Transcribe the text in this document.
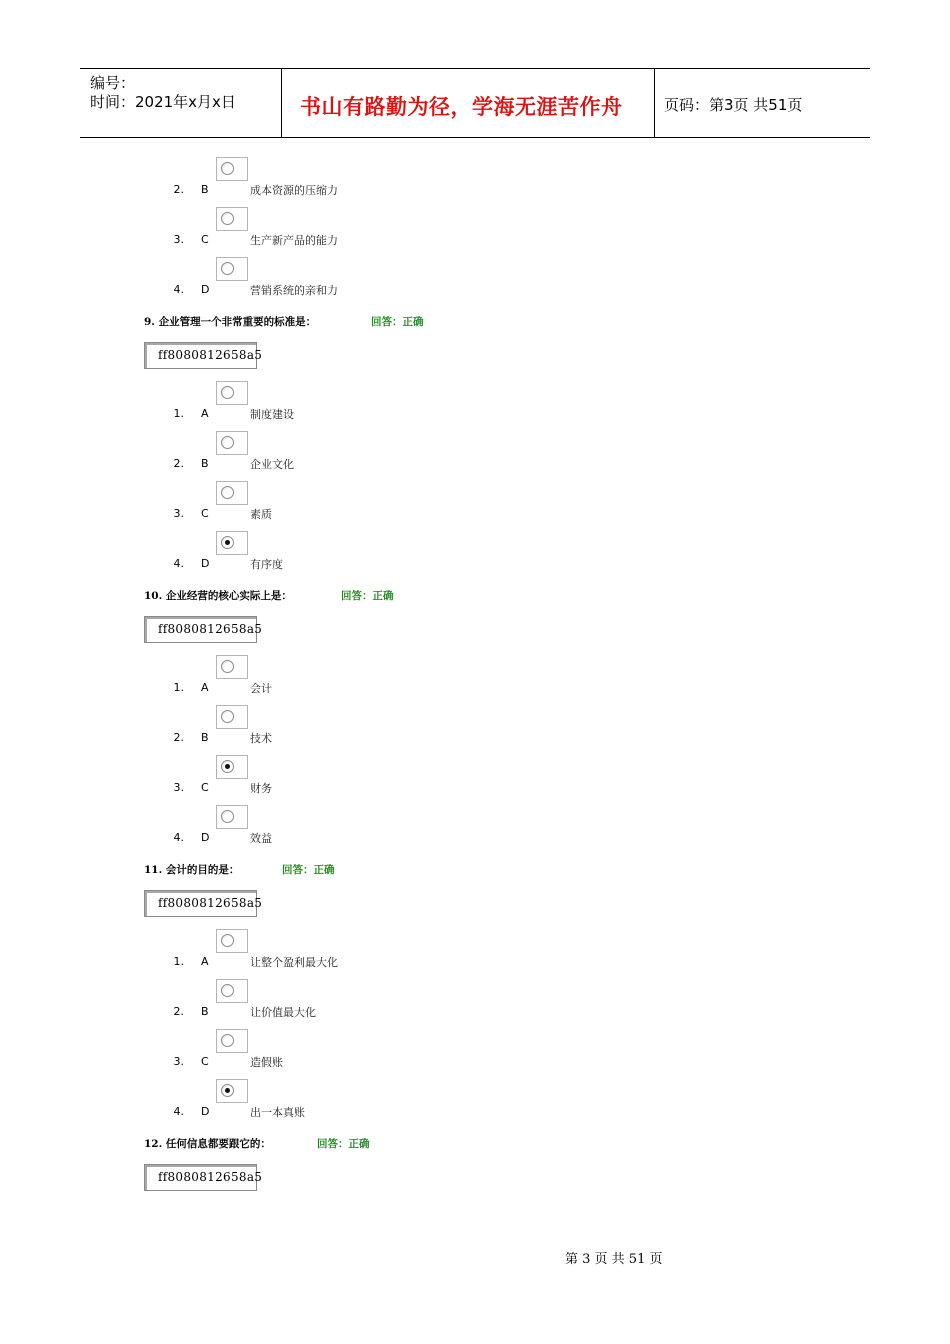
编号：
时间：2021年x月x日	书山有路勤为径，学海无涯苦作舟	页码：第3页 共51页
2. B	成本资源的压缩力
3. C	生产新产品的能力
4. D	营销系统的亲和力
9. 企业管理一个非常重要的标准是：	回答：正确
ff8080812658a5
1. A	制度建设
2. B	企业文化
3. C	素质
4. D	有序度
10. 企业经营的核心实际上是：	回答：正确
ff8080812658a5
1. A	会计
2. B	技术
3. C	财务
4. D	效益
11. 会计的目的是：	回答：正确
ff8080812658a5
1. A	让整个盈利最大化
2. B	让价值最大化
3. C	造假账
4. D	出一本真账
12. 任何信息都要跟它的：	回答：正确
ff8080812658a5
第 3 页 共 51 页
